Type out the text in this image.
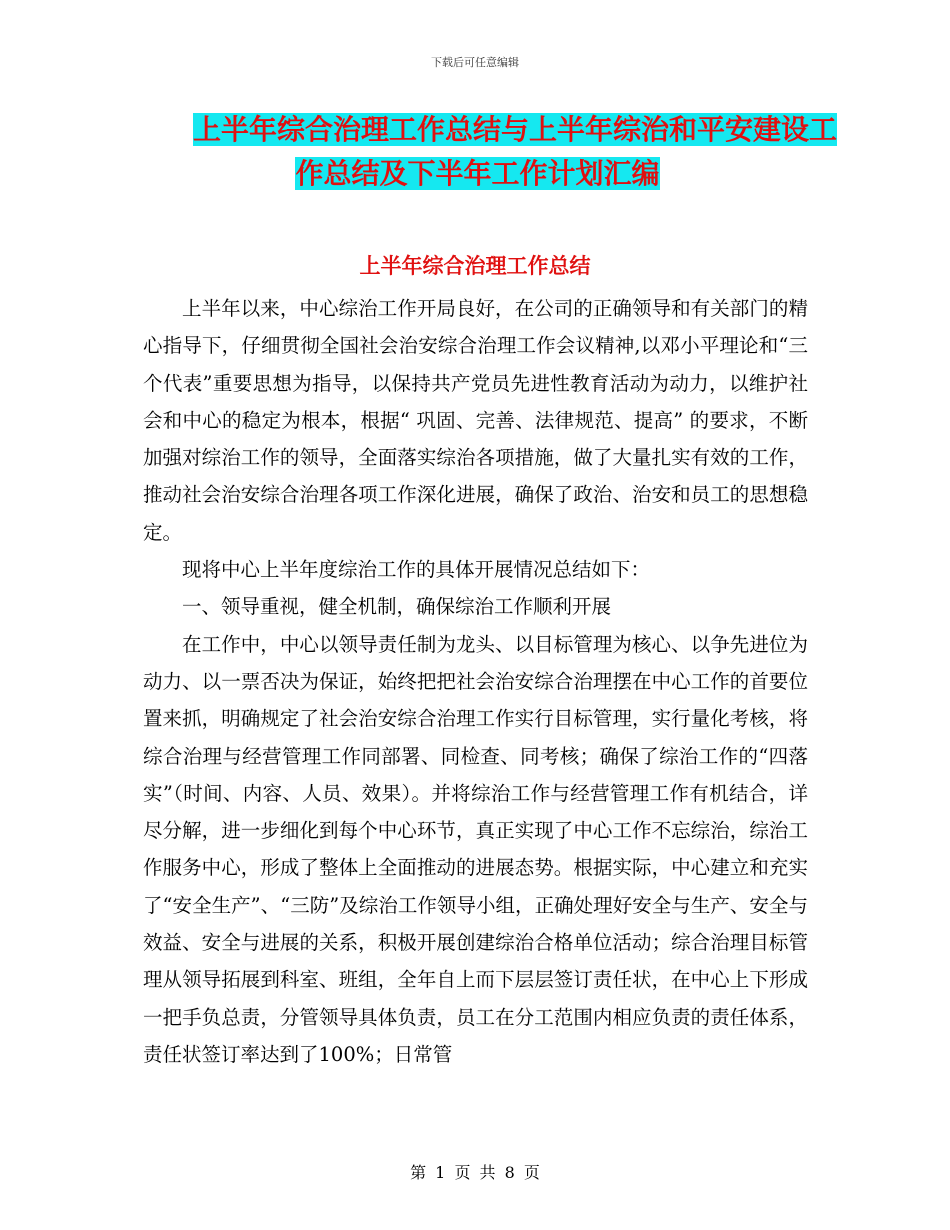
下载后可任意编辑
上半年综合治理工作总结与上半年综治和平安建设工
作总结及下半年工作计划汇编
上半年综合治理工作总结

上半年以来，中心综治工作开局良好，在公司的正确领导和有关部门的精心指导下，仔细贯彻全国社会治安综合治理工作会议精神,以邓小平理论和“三个代表”重要思想为指导，以保持共产党员先进性教育活动为动力，以维护社会和中心的稳定为根本，根据“ 巩固、完善、法律规范、提高” 的要求，不断加强对综治工作的领导，全面落实综治各项措施，做了大量扎实有效的工作，推动社会治安综合治理各项工作深化进展，确保了政治、治安和员工的思想稳定。

现将中心上半年度综治工作的具体开展情况总结如下：

一、领导重视，健全机制，确保综治工作顺利开展

在工作中，中心以领导责任制为龙头、以目标管理为核心、以争先进位为动力、以一票否决为保证，始终把把社会治安综合治理摆在中心工作的首要位置来抓，明确规定了社会治安综合治理工作实行目标管理，实行量化考核，将综合治理与经营管理工作同部署、同检查、同考核；确保了综治工作的“四落实”（时间、内容、人员、效果）。并将综治工作与经营管理工作有机结合，详尽分解，进一步细化到每个中心环节，真正实现了中心工作不忘综治，综治工作服务中心，形成了整体上全面推动的进展态势。根据实际，中心建立和充实了“安全生产”、“三防”及综治工作领导小组，正确处理好安全与生产、安全与效益、安全与进展的关系，积极开展创建综治合格单位活动；综合治理目标管理从领导拓展到科室、班组，全年自上而下层层签订责任状，在中心上下形成一把手负总责，分管领导具体负责，员工在分工范围内相应负责的责任体系，责任状签订率达到了100%；日常管

第 1 页 共 8 页
